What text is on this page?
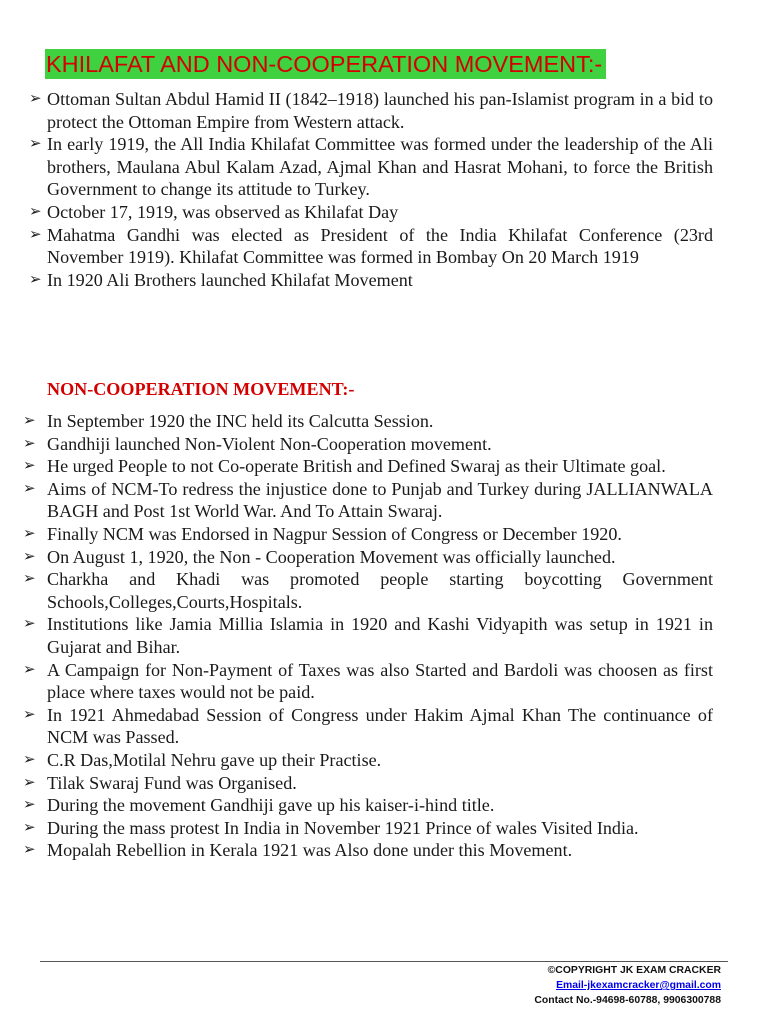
KHILAFAT AND NON-COOPERATION MOVEMENT:-
➢ Ottoman Sultan Abdul Hamid II (1842–1918) launched his pan-Islamist program in a bid to protect the Ottoman Empire from Western attack.
➢ In early 1919, the All India Khilafat Committee was formed under the leadership of the Ali brothers, Maulana Abul Kalam Azad, Ajmal Khan and Hasrat Mohani, to force the British Government to change its attitude to Turkey.
➢ October 17, 1919, was observed as Khilafat Day
➢ Mahatma Gandhi was elected as President of the India Khilafat Conference (23rd November 1919). Khilafat Committee was formed in Bombay On 20 March 1919
➢ In 1920 Ali Brothers launched Khilafat Movement
NON-COOPERATION MOVEMENT:-
➢ In September 1920 the INC held its Calcutta Session.
➢ Gandhiji launched Non-Violent Non-Cooperation movement.
➢ He urged People to not Co-operate British and Defined Swaraj as their Ultimate goal.
➢ Aims of NCM-To redress the injustice done to Punjab and Turkey during JALLIANWALA BAGH and Post 1st World War. And To Attain Swaraj.
➢ Finally NCM was Endorsed in Nagpur Session of Congress or December 1920.
➢ On August 1, 1920, the Non - Cooperation Movement was officially launched.
➢ Charkha and Khadi was promoted people starting boycotting Government Schools,Colleges,Courts,Hospitals.
➢ Institutions like Jamia Millia Islamia in 1920 and Kashi Vidyapith was setup in 1921 in Gujarat and Bihar.
➢ A Campaign for Non-Payment of Taxes was also Started and Bardoli was choosen as first place where taxes would not be paid.
➢ In 1921 Ahmedabad Session of Congress under Hakim Ajmal Khan The continuance of NCM was Passed.
➢ C.R Das,Motilal Nehru gave up their Practise.
➢ Tilak Swaraj Fund was Organised.
➢ During the movement Gandhiji gave up his kaiser-i-hind title.
➢ During the mass protest In India in November 1921 Prince of wales Visited India.
➢ Mopalah Rebellion in Kerala 1921 was Also done under this Movement.
©COPYRIGHT JK EXAM CRACKER
Email-jkexamcracker@gmail.com
Contact No.-94698-60788, 9906300788
